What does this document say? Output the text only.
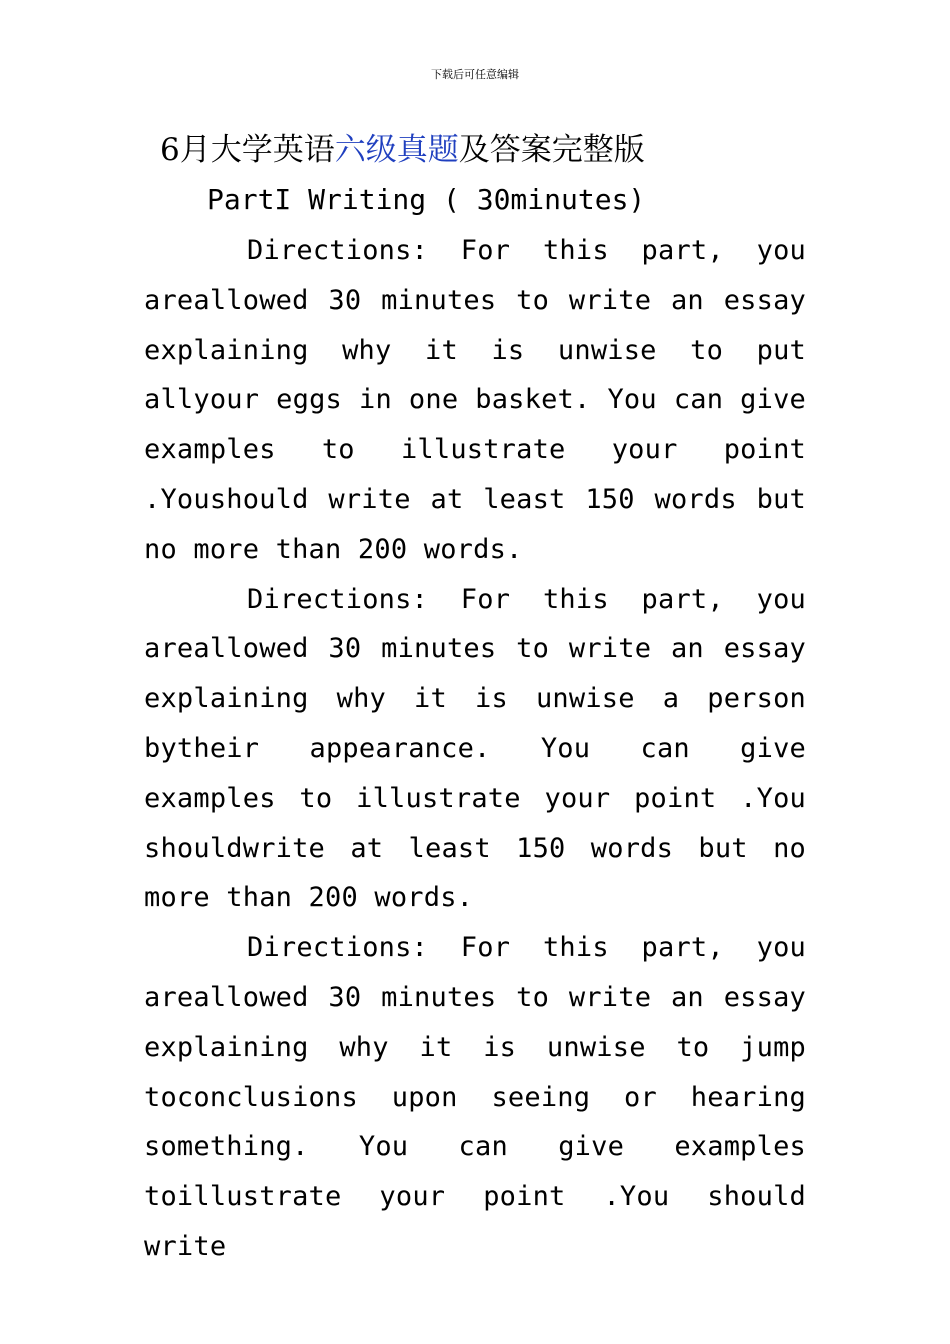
下载后可任意编辑
6月大学英语六级真题及答案完整版
PartI Writing ( 30minutes)

Directions: For this part, you areallowed 30 minutes to write an essay explaining why it is unwise to put allyour eggs in one basket. You can give examples to illustrate your point .Youshould write at least 150 words but no more than 200 words.

Directions: For this part, you areallowed 30 minutes to write an essay explaining why it is unwise a person bytheir appearance. You can give examples to illustrate your point .You shouldwrite at least 150 words but no more than 200 words.

Directions: For this part, you areallowed 30 minutes to write an essay explaining why it is unwise to jump toconclusions upon seeing or hearing something. You can give examples toillustrate your point .You should write
